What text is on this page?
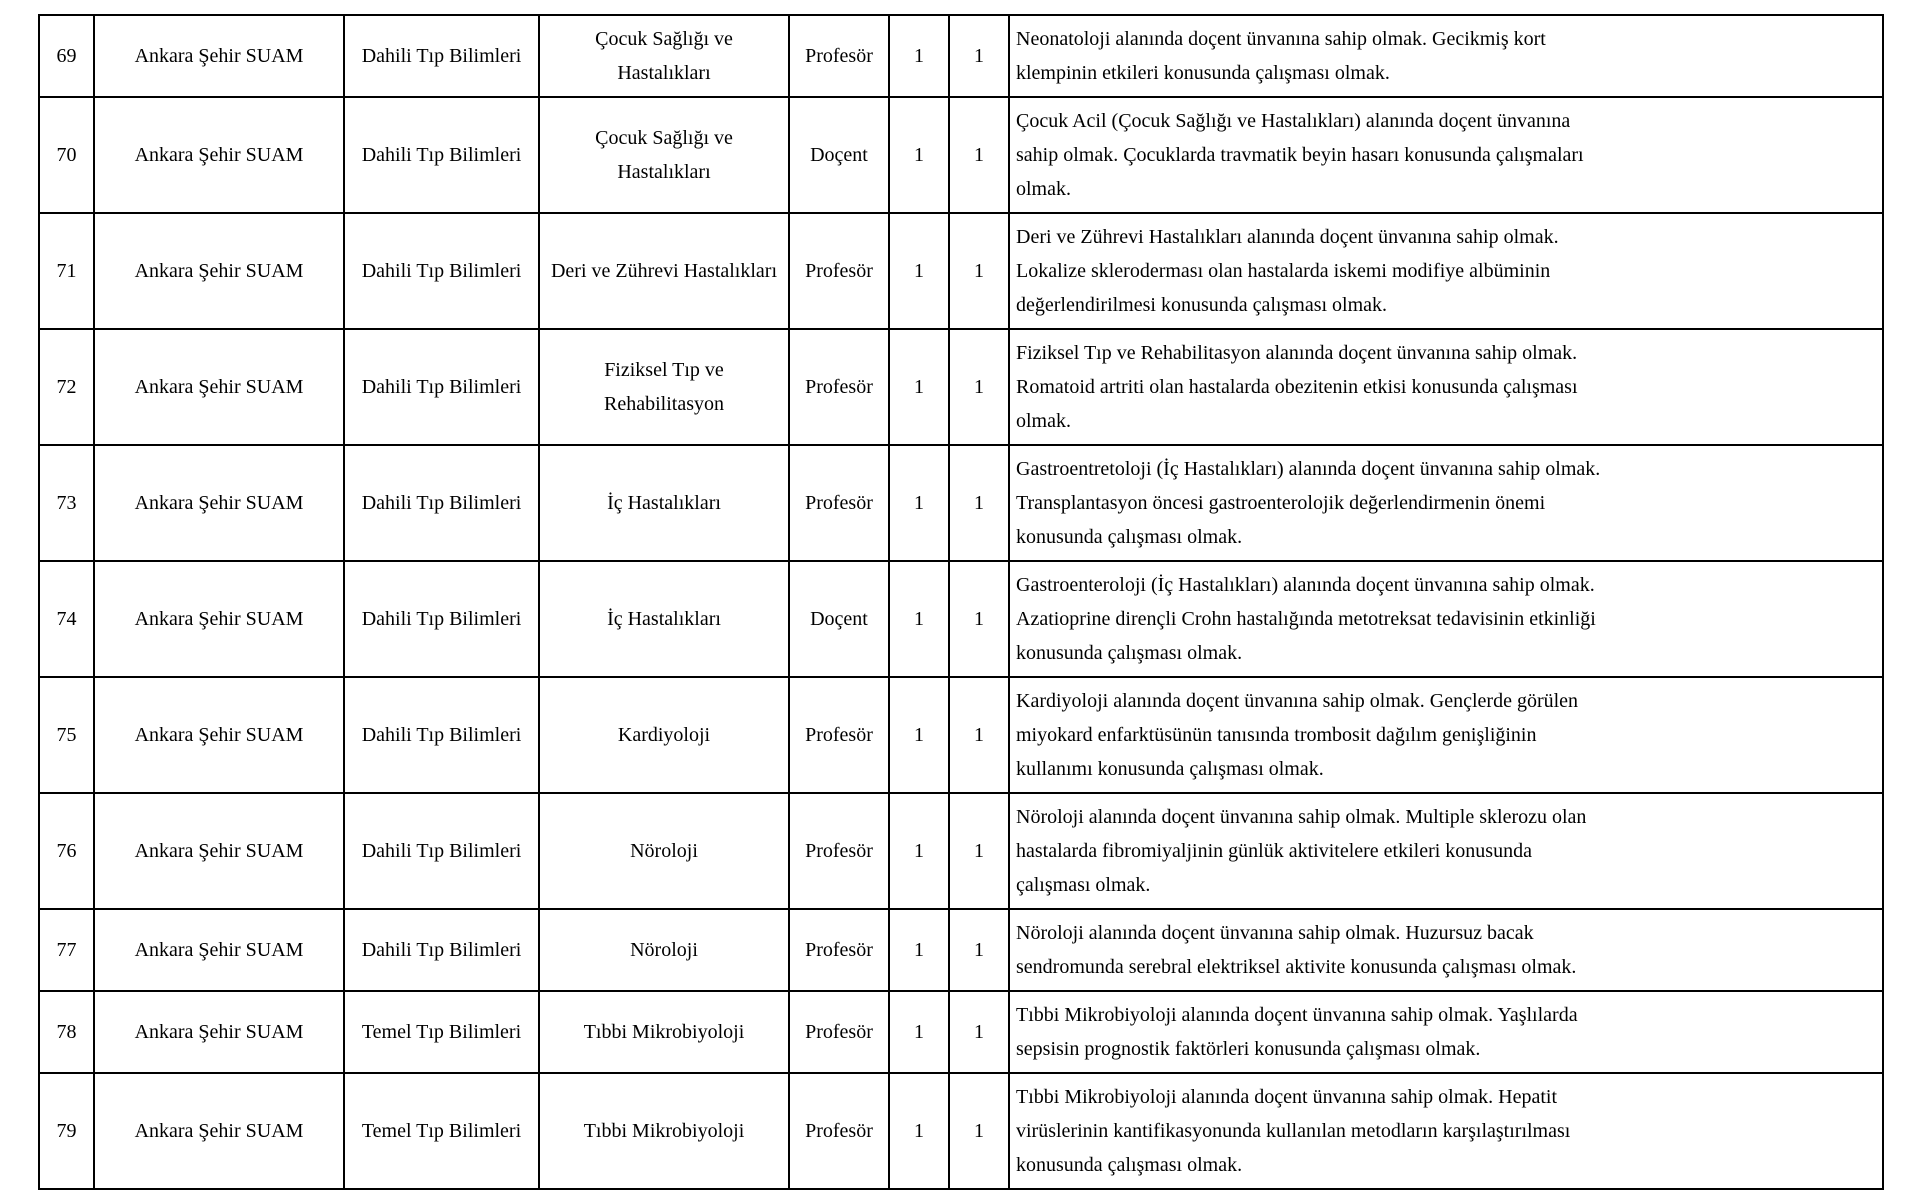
69	Ankara Şehir SUAM	Dahili Tıp Bilimleri	Çocuk Sağlığı ve
Hastalıkları	Profesör	1	1	Neonatoloji alanında doçent ünvanına sahip olmak. Gecikmiş kort
klempinin etkileri konusunda çalışması olmak.
70	Ankara Şehir SUAM	Dahili Tıp Bilimleri	Çocuk Sağlığı ve
Hastalıkları	Doçent	1	1	Çocuk Acil (Çocuk Sağlığı ve Hastalıkları) alanında doçent ünvanına
sahip olmak. Çocuklarda travmatik beyin hasarı konusunda çalışmaları
olmak.
71	Ankara Şehir SUAM	Dahili Tıp Bilimleri	Deri ve Zührevi Hastalıkları	Profesör	1	1	Deri ve Zührevi Hastalıkları alanında doçent ünvanına sahip olmak.
Lokalize skleroderması olan hastalarda iskemi modifiye albüminin
değerlendirilmesi konusunda çalışması olmak.
72	Ankara Şehir SUAM	Dahili Tıp Bilimleri	Fiziksel Tıp ve
Rehabilitasyon	Profesör	1	1	Fiziksel Tıp ve Rehabilitasyon alanında doçent ünvanına sahip olmak.
Romatoid artriti olan hastalarda obezitenin etkisi konusunda çalışması
olmak.
73	Ankara Şehir SUAM	Dahili Tıp Bilimleri	İç Hastalıkları	Profesör	1	1	Gastroentretoloji (İç Hastalıkları) alanında doçent ünvanına sahip olmak.
Transplantasyon öncesi gastroenterolojik değerlendirmenin önemi
konusunda çalışması olmak.
74	Ankara Şehir SUAM	Dahili Tıp Bilimleri	İç Hastalıkları	Doçent	1	1	Gastroenteroloji (İç Hastalıkları) alanında doçent ünvanına sahip olmak.
Azatioprine dirençli Crohn hastalığında metotreksat tedavisinin etkinliği
konusunda çalışması olmak.
75	Ankara Şehir SUAM	Dahili Tıp Bilimleri	Kardiyoloji	Profesör	1	1	Kardiyoloji alanında doçent ünvanına sahip olmak. Gençlerde görülen
miyokard enfarktüsünün tanısında trombosit dağılım genişliğinin
kullanımı konusunda çalışması olmak.
76	Ankara Şehir SUAM	Dahili Tıp Bilimleri	Nöroloji	Profesör	1	1	Nöroloji alanında doçent ünvanına sahip olmak. Multiple sklerozu olan
hastalarda fibromiyaljinin günlük aktivitelere etkileri konusunda
çalışması olmak.
77	Ankara Şehir SUAM	Dahili Tıp Bilimleri	Nöroloji	Profesör	1	1	Nöroloji alanında doçent ünvanına sahip olmak. Huzursuz bacak
sendromunda serebral elektriksel aktivite konusunda çalışması olmak.
78	Ankara Şehir SUAM	Temel Tıp Bilimleri	Tıbbi Mikrobiyoloji	Profesör	1	1	Tıbbi Mikrobiyoloji alanında doçent ünvanına sahip olmak. Yaşlılarda
sepsisin prognostik faktörleri konusunda çalışması olmak.
79	Ankara Şehir SUAM	Temel Tıp Bilimleri	Tıbbi Mikrobiyoloji	Profesör	1	1	Tıbbi Mikrobiyoloji alanında doçent ünvanına sahip olmak. Hepatit
virüslerinin kantifikasyonunda kullanılan metodların karşılaştırılması
konusunda çalışması olmak.
